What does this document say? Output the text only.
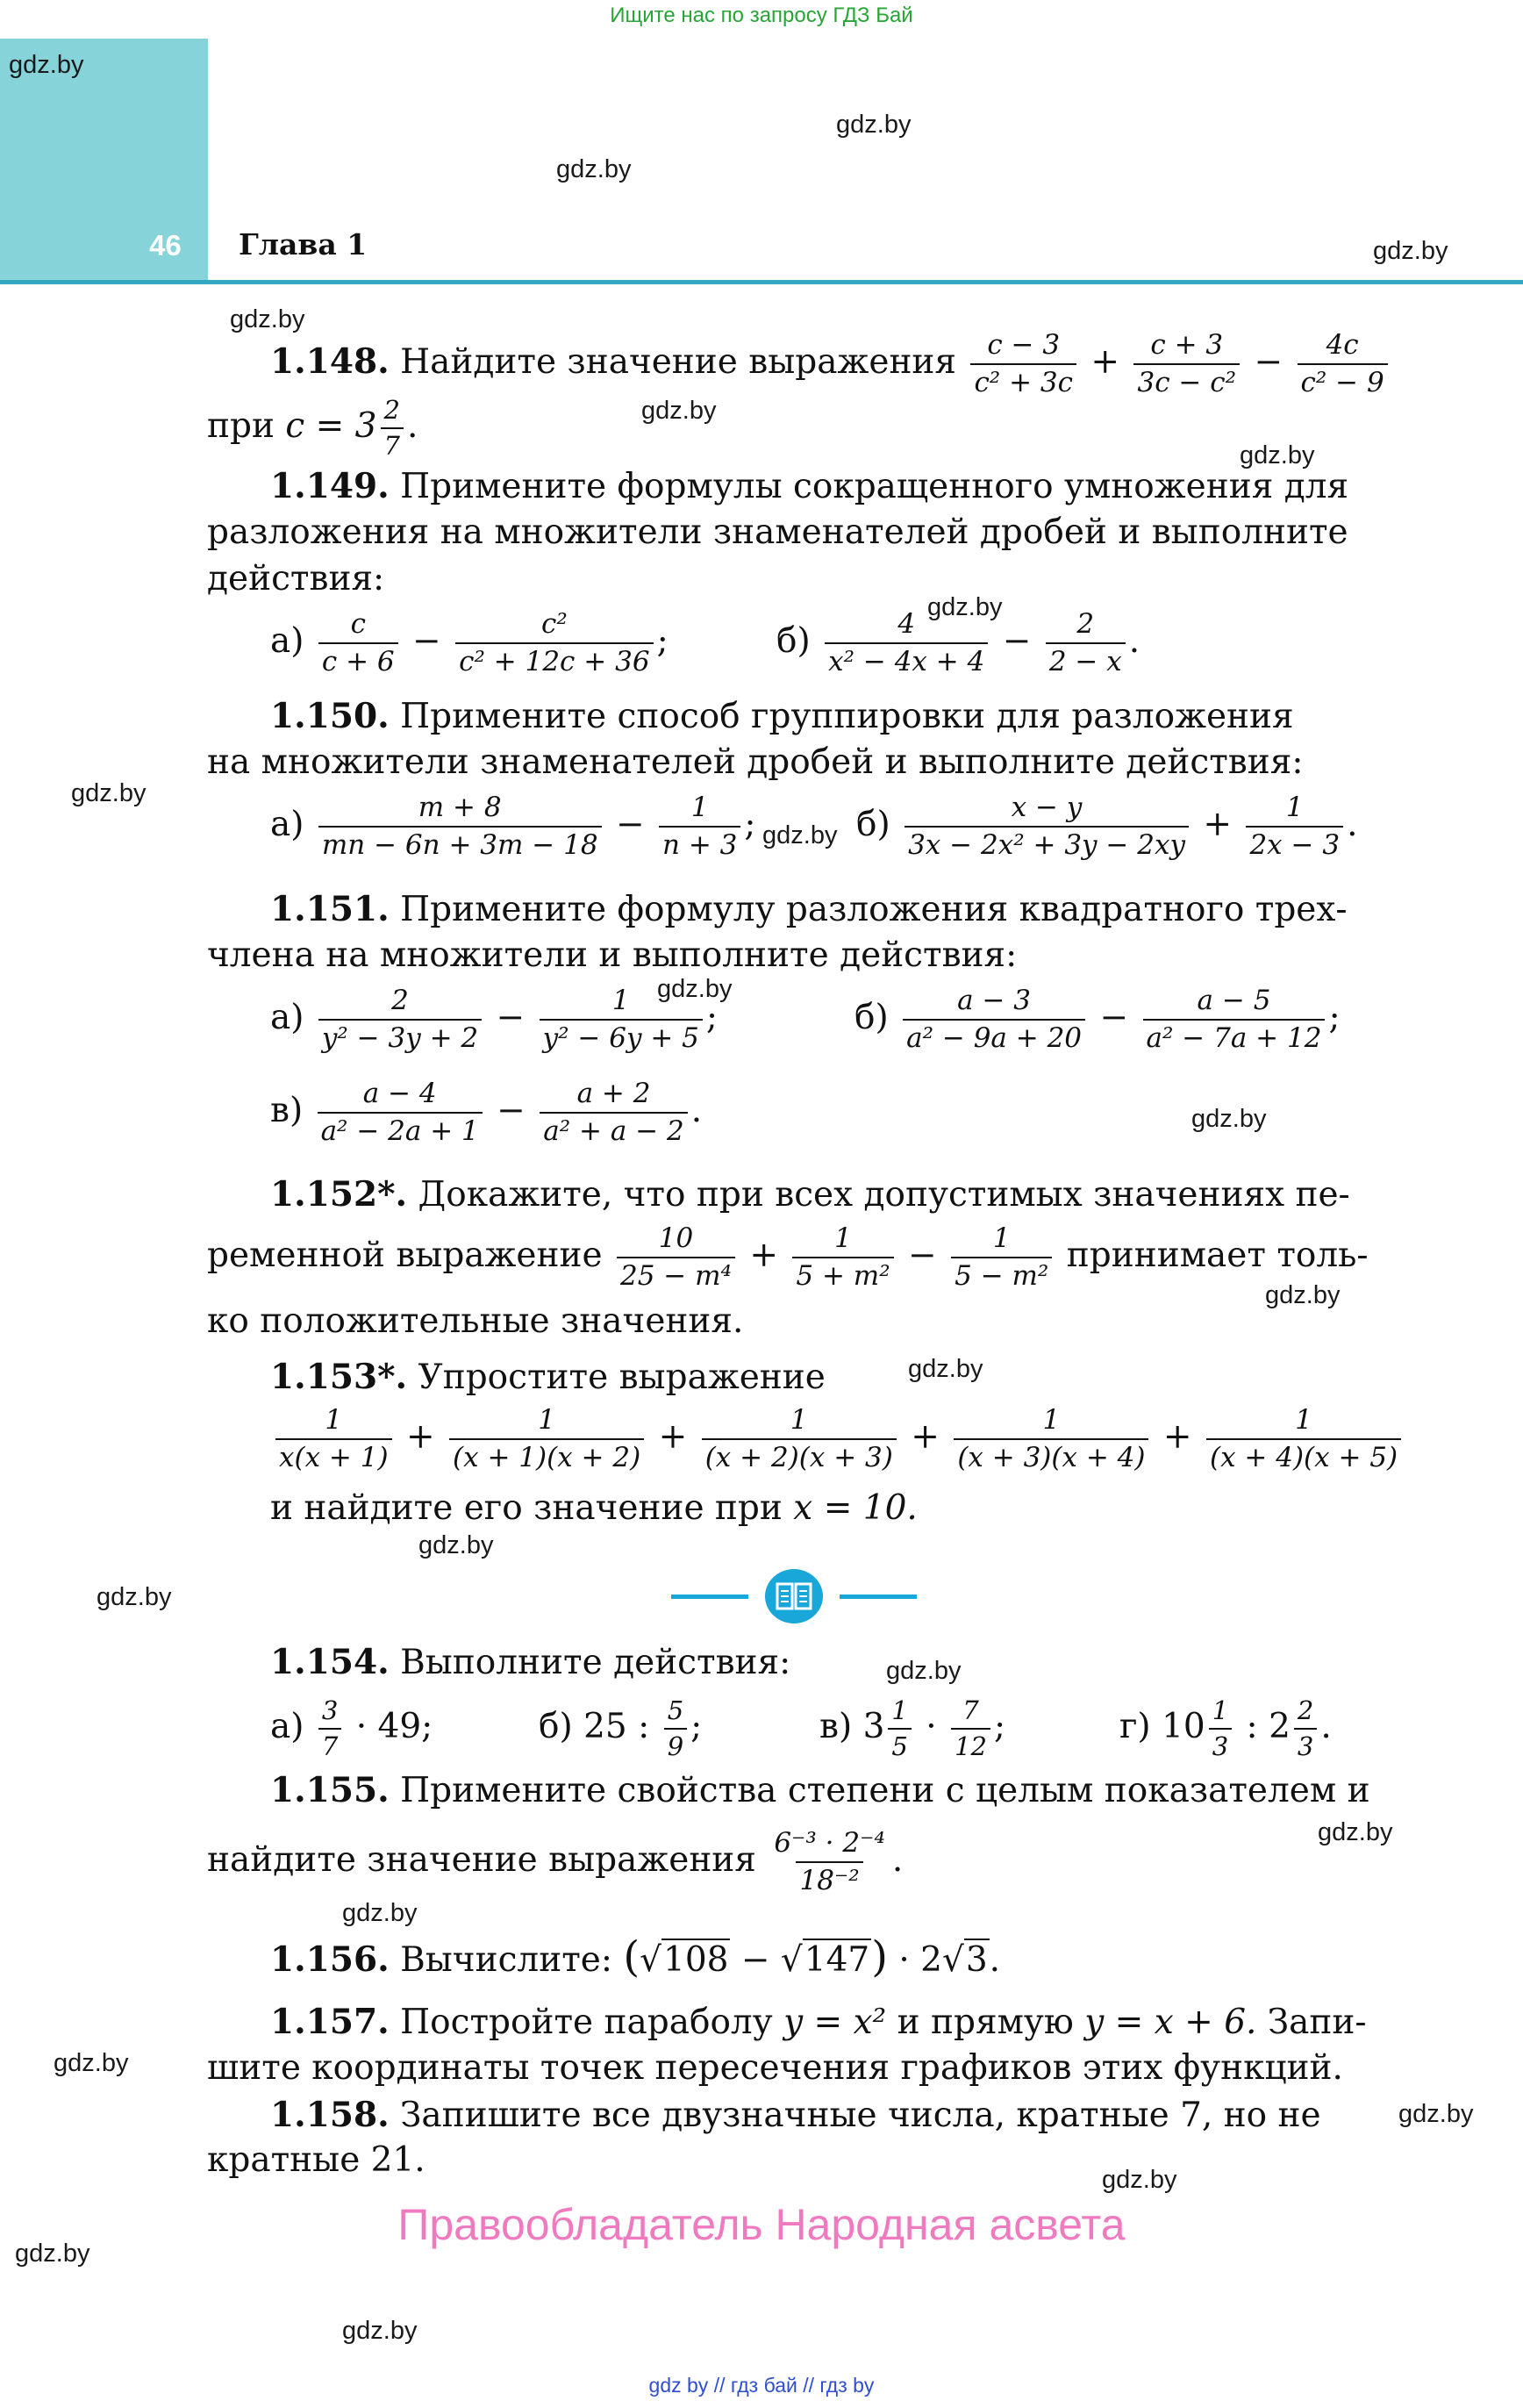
Ищите нас по запросу ГДЗ Бай
46 Глава 1
gdz.by
gdz.by
gdz.by
gdz.by
gdz.by
gdz.by
gdz.by
gdz.by
gdz.by
gdz.by
gdz.by
gdz.by
gdz.by
gdz.by
gdz.by
gdz.by
gdz.by
gdz.by
gdz.by
gdz.by
gdz.by
gdz.by
gdz.by
gdz.by
1.148. Найдите значение выражения $\frac{c - 3}{\text{c² + 3c}} + \frac{c + 3}{\text{3c − c²}} - \frac{4c}{\text{c² − 9}}$
при $c = 3 \frac{2}{7}$ .
1.149. Примените формулы сокращенного умножения для
разложения на множители знаменателей дробей и выполните
действия:
$а) \frac{c}{c + 6} - \frac{\text{c²}}{\text{c² + 12c + 36}}$ ;	$б) \frac{4}{\text{x² − 4x + 4}} - \frac{2}{2 - x}$ .
1.150. Примените способ группировки для разложения
на множители знаменателей дробей и выполните действия:
$а) \frac{m + 8}{mn - 6n + 3m - 18} - \frac{1}{n + 3}$ ;	$б) \frac{x - y}{\text{3x − 2x² + 3y − 2xy}} + \frac{1}{2x - 3}$ .
1.151. Примените формулу разложения квадратного трех-
члена на множители и выполните действия:
$а) \frac{2}{\text{y² − 3y + 2}} - \frac{1}{\text{y² − 6y + 5}}$ ;	$б) \frac{a - 3}{\text{a² − 9a + 20}} - \frac{a - 5}{\text{a² − 7a + 12}}$ ;
$в) \frac{a - 4}{\text{a² − 2a + 1}} - \frac{a + 2}{\text{a² + a − 2}}$ .
1.152*. Докажите, что при всех допустимых значениях пе-
ременной выражение $\frac{10}{\text{25 − m⁴}} + \frac{1}{\text{5 + m²}} - \frac{1}{\text{5 − m²}}$ принимает толь-
ко положительные значения.
1.153*. Упростите выражение
$\frac{1}{x(x + 1)} + \frac{1}{(x + 1)(x + 2)} + \frac{1}{(x + 2)(x + 3)} + \frac{1}{(x + 3)(x + 4)} + \frac{1}{(x + 4)(x + 5)}$
и найдите его значение при x = 10.
1.154. Выполните действия:
$а) \frac{3}{7} \cdot 49$;	б) 25 : $\frac{5}{9}$ ;	в) $3 \frac{1}{5} \cdot \frac{7}{12}$ ;	г) $10 \frac{1}{3}$ : $2 \frac{2}{3}$ .
1.155. Примените свойства степени с целым показателем и
найдите значение выражения $\frac{\text{6⁻³ · 2⁻⁴}}{\text{18⁻²}}$ .
1.156. Вычислите: (√108 − √147) · 2√3.
1.157. Постройте параболу y = x² и прямую y = x + 6. Запи-
шите координаты точек пересечения графиков этих функций.
1.158. Запишите все двузначные числа, кратные 7, но не
кратные 21.
Правообладатель Народная асвета
gdz by // гдз бай // гдз by
